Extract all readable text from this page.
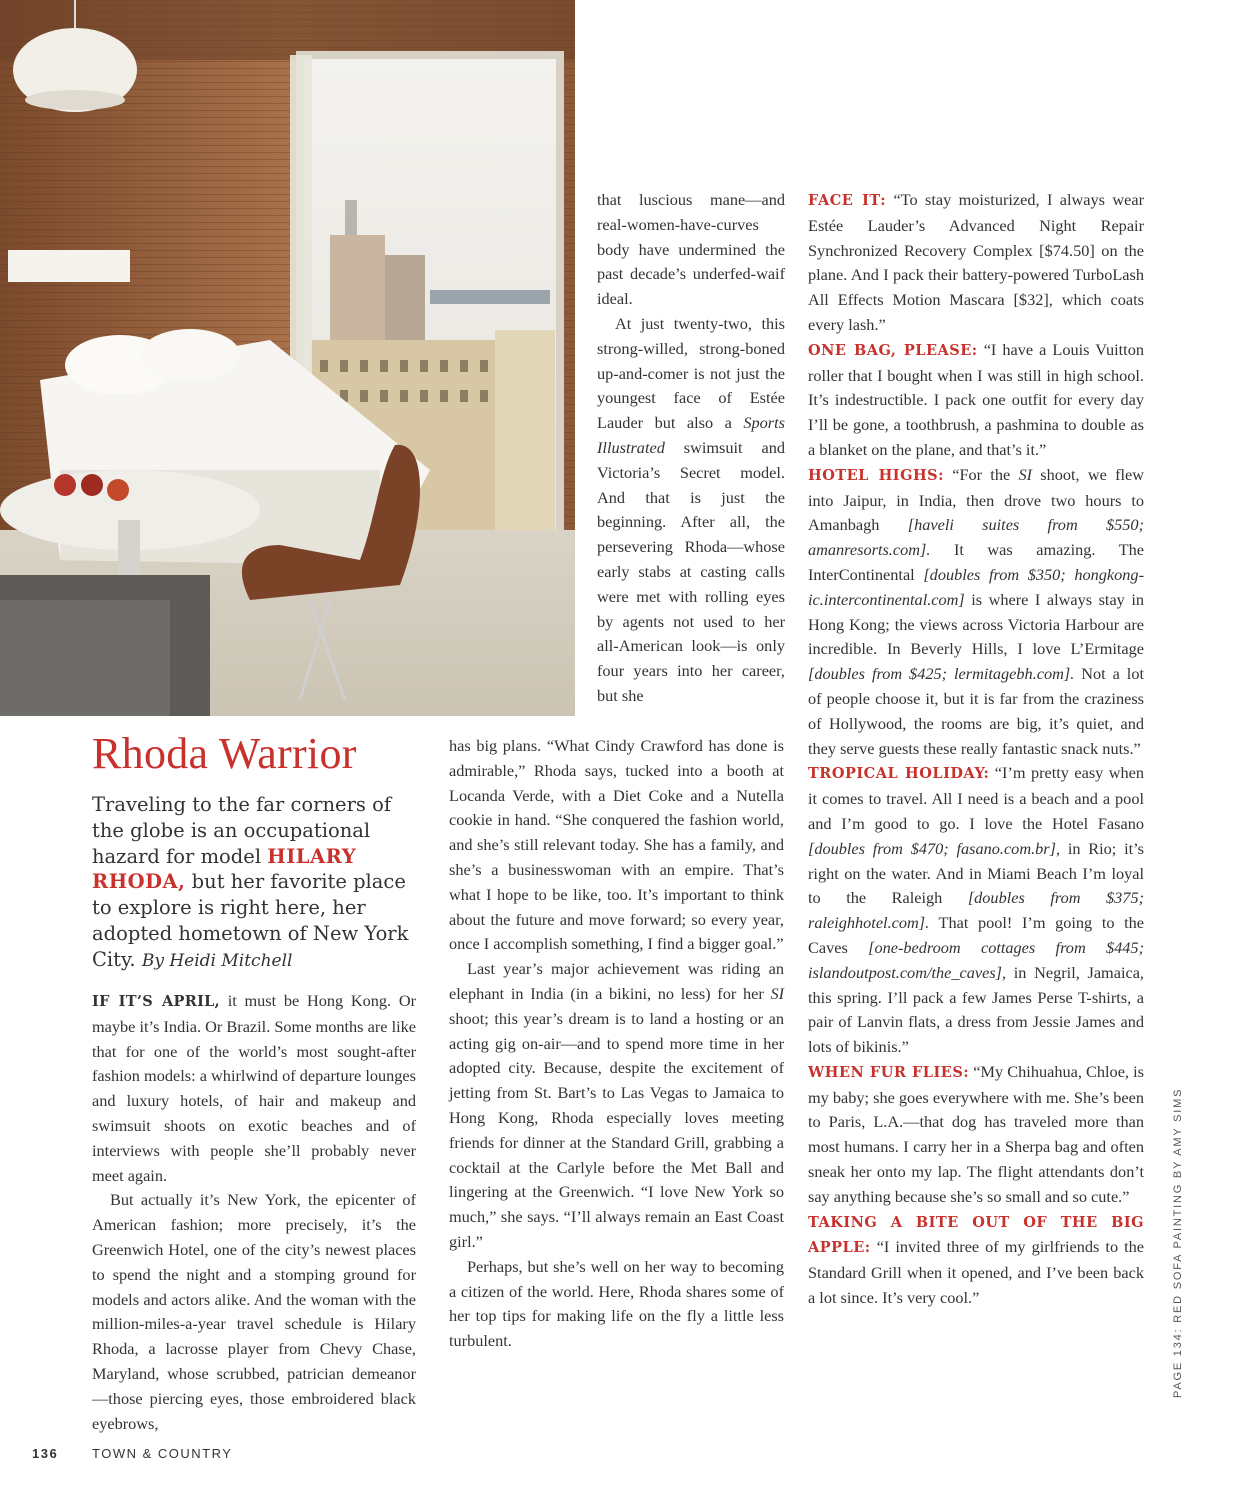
Rhoda Warrior
Traveling to the far corners of the globe is an occupational hazard for model HILARY RHODA, but her favorite place to explore is right here, her adopted hometown of New York City. By Heidi Mitchell

IF IT’S APRIL, it must be Hong Kong. Or maybe it’s India. Or Brazil. Some months are like that for one of the world’s most sought-after fashion models: a whirlwind of departure lounges and luxury hotels, of hair and makeup and swimsuit shoots on exotic beaches and of interviews with people she’ll probably never meet again.

But actually it’s New York, the epicenter of American fashion; more precisely, it’s the Greenwich Hotel, one of the city’s newest places to spend the night and a stomping ground for models and actors alike. And the woman with the million-miles-a-year travel schedule is Hilary Rhoda, a lacrosse player from Chevy Chase, Maryland, whose scrubbed, patrician demeanor—those piercing eyes, those embroidered black eyebrows,

that luscious mane—and real-women-have-curves body have undermined the past decade’s underfed-waif ideal.

At just twenty-two, this strong-willed, strong-boned up-and-comer is not just the youngest face of Estée Lauder but also a Sports Illustrated swimsuit and Victoria’s Secret model. And that is just the beginning. After all, the persevering Rhoda—whose early stabs at casting calls were met with rolling eyes by agents not used to her all-American look—is only four years into her career, but she

has big plans. “What Cindy Crawford has done is admirable,” Rhoda says, tucked into a booth at Locanda Verde, with a Diet Coke and a Nutella cookie in hand. “She conquered the fashion world, and she’s still relevant today. She has a family, and she’s a businesswoman with an empire. That’s what I hope to be like, too. It’s important to think about the future and move forward; so every year, once I accomplish something, I find a bigger goal.”

Last year’s major achievement was riding an elephant in India (in a bikini, no less) for her SI shoot; this year’s dream is to land a hosting or an acting gig on-air—and to spend more time in her adopted city. Because, despite the excitement of jetting from St. Bart’s to Las Vegas to Jamaica to Hong Kong, Rhoda especially loves meeting friends for dinner at the Standard Grill, grabbing a cocktail at the Carlyle before the Met Ball and lingering at the Greenwich. “I love New York so much,” she says. “I’ll always remain an East Coast girl.”

Perhaps, but she’s well on her way to becoming a citizen of the world. Here, Rhoda shares some of her top tips for making life on the fly a little less turbulent.

FACE IT: “To stay moisturized, I always wear Estée Lauder’s Advanced Night Repair Synchronized Recovery Complex [$74.50] on the plane. And I pack their battery-powered TurboLash All Effects Motion Mascara [$32], which coats every lash.”

ONE BAG, PLEASE: “I have a Louis Vuitton roller that I bought when I was still in high school. It’s indestructible. I pack one outfit for every day I’ll be gone, a toothbrush, a pashmina to double as a blanket on the plane, and that’s it.”

HOTEL HIGHS: “For the SI shoot, we flew into Jaipur, in India, then drove two hours to Amanbagh [haveli suites from $550; amanresorts.com]. It was amazing. The InterContinental [doubles from $350; hongkong-ic.intercontinental.com] is where I always stay in Hong Kong; the views across Victoria Harbour are incredible. In Beverly Hills, I love L’Ermitage [doubles from $425; lermitagebh.com]. Not a lot of people choose it, but it is far from the craziness of Hollywood, the rooms are big, it’s quiet, and they serve guests these really fantastic snack nuts.”

TROPICAL HOLIDAY: “I’m pretty easy when it comes to travel. All I need is a beach and a pool and I’m good to go. I love the Hotel Fasano [doubles from $470; fasano.com.br], in Rio; it’s right on the water. And in Miami Beach I’m loyal to the Raleigh [doubles from $375; raleighhotel.com]. That pool! I’m going to the Caves [one-bedroom cottages from $445; islandoutpost.com/the_caves], in Negril, Jamaica, this spring. I’ll pack a few James Perse T-shirts, a pair of Lanvin flats, a dress from Jessie James and lots of bikinis.”

WHEN FUR FLIES: “My Chihuahua, Chloe, is my baby; she goes everywhere with me. She’s been to Paris, L.A.—that dog has traveled more than most humans. I carry her in a Sherpa bag and often sneak her onto my lap. The flight attendants don’t say anything because she’s so small and so cute.”

TAKING A BITE OUT OF THE BIG APPLE: “I invited three of my girlfriends to the Standard Grill when it opened, and I’ve been back a lot since. It’s very cool.”

136	TOWN & COUNTRY
PAGE 134: RED SOFA PAINTING BY AMY SIMS
